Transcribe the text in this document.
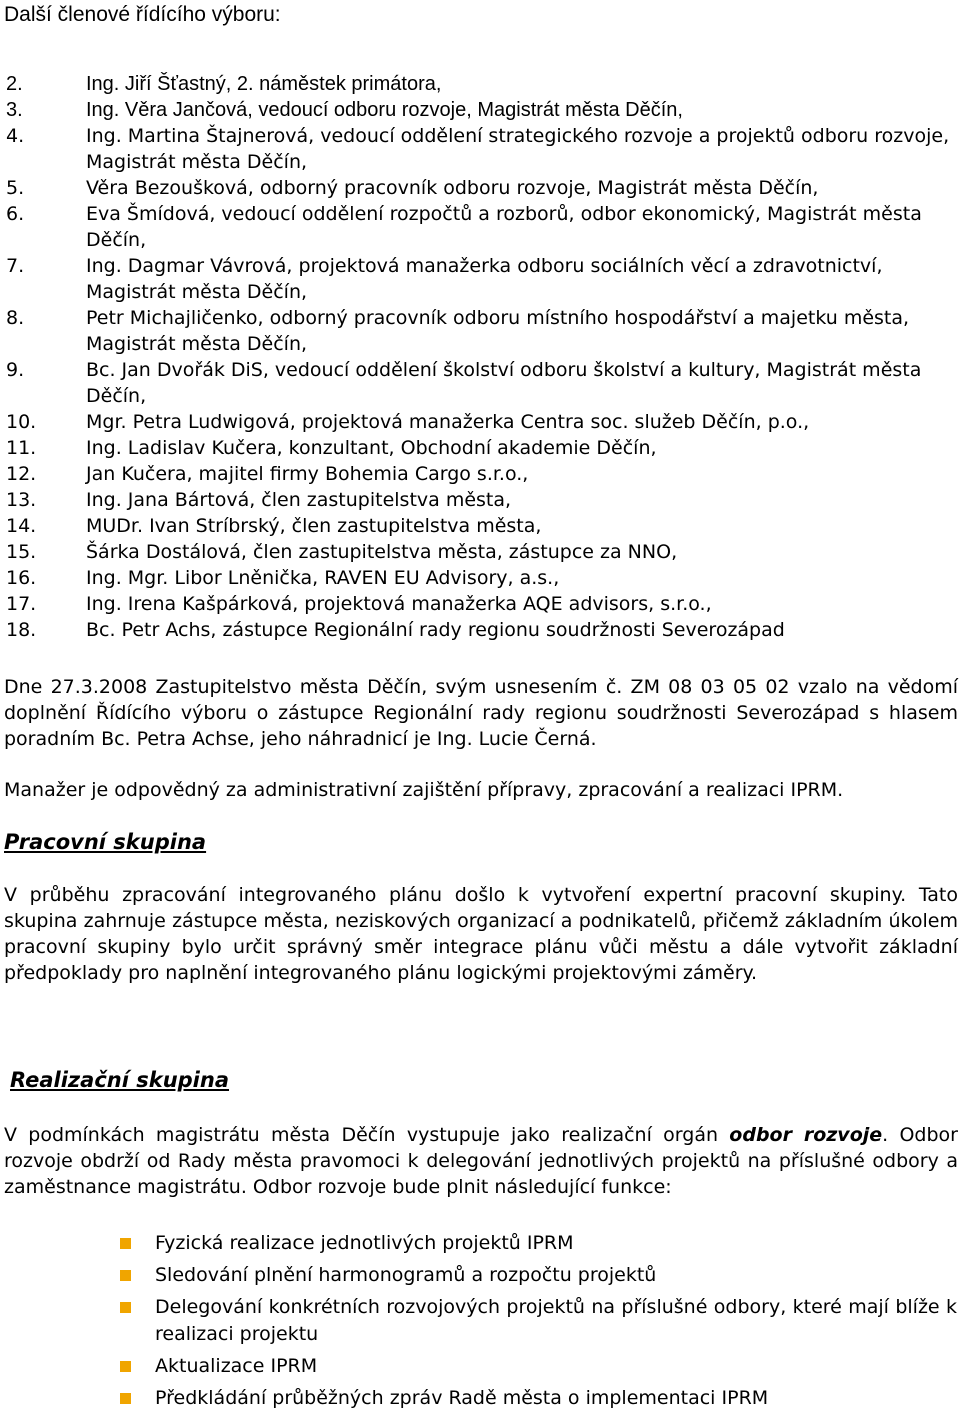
Další členové řídícího výboru:
2.	Ing. Jiří Šťastný, 2. náměstek primátora,
3.	Ing. Věra Jančová, vedoucí odboru rozvoje, Magistrát města Děčín,
4.	Ing. Martina Štajnerová, vedoucí oddělení strategického rozvoje a projektů odboru rozvoje, Magistrát města Děčín,
5.	Věra Bezoušková, odborný pracovník odboru rozvoje, Magistrát města Děčín,
6.	Eva Šmídová, vedoucí oddělení rozpočtů a rozborů, odbor ekonomický, Magistrát města Děčín,
7.	Ing. Dagmar Vávrová, projektová manažerka odboru sociálních věcí a zdravotnictví, Magistrát města Děčín,
8.	Petr Michajličenko, odborný pracovník odboru místního hospodářství a majetku města, Magistrát města Děčín,
9.	Bc. Jan Dvořák DiS, vedoucí oddělení školství odboru školství a kultury, Magistrát města Děčín,
10.	Mgr. Petra Ludwigová, projektová manažerka Centra soc. služeb Děčín, p.o.,
11.	Ing. Ladislav Kučera, konzultant, Obchodní akademie Děčín,
12.	Jan Kučera, majitel firmy Bohemia Cargo s.r.o.,
13.	Ing. Jana Bártová, člen zastupitelstva města,
14.	MUDr. Ivan Stríbrský, člen zastupitelstva města,
15.	Šárka Dostálová, člen zastupitelstva města, zástupce za NNO,
16.	Ing. Mgr. Libor Lněnička, RAVEN EU Advisory, a.s.,
17.	Ing. Irena Kašpárková, projektová manažerka AQE advisors, s.r.o.,
18.	Bc. Petr Achs, zástupce Regionální rady regionu soudržnosti Severozápad

Dne 27.3.2008 Zastupitelstvo města Děčín, svým usnesením č. ZM 08 03 05 02 vzalo na vědomí doplnění Řídícího výboru o zástupce Regionální rady regionu soudržnosti Severozápad s hlasem poradním Bc. Petra Achse, jeho náhradnicí je Ing. Lucie Černá.

Manažer je odpovědný za administrativní zajištění přípravy, zpracování a realizaci IPRM.

Pracovní skupina

V průběhu zpracování integrovaného plánu došlo k vytvoření expertní pracovní skupiny. Tato skupina zahrnuje zástupce města, neziskových organizací a podnikatelů, přičemž základním úkolem pracovní skupiny bylo určit správný směr integrace plánu vůči městu a dále vytvořit základní předpoklady pro naplnění integrovaného plánu logickými projektovými záměry.

Realizační skupina

V podmínkách magistrátu města Děčín vystupuje jako realizační orgán odbor rozvoje. Odbor rozvoje obdrží od Rady města pravomoci k delegování jednotlivých projektů na příslušné odbory a zaměstnance magistrátu. Odbor rozvoje bude plnit následující funkce:

Fyzická realizace jednotlivých projektů IPRM
Sledování plnění harmonogramů a rozpočtu projektů
Delegování konkrétních rozvojových projektů na příslušné odbory, které mají blíže k realizaci projektu
Aktualizace IPRM
Předkládání průběžných zpráv Radě města o implementaci IPRM
